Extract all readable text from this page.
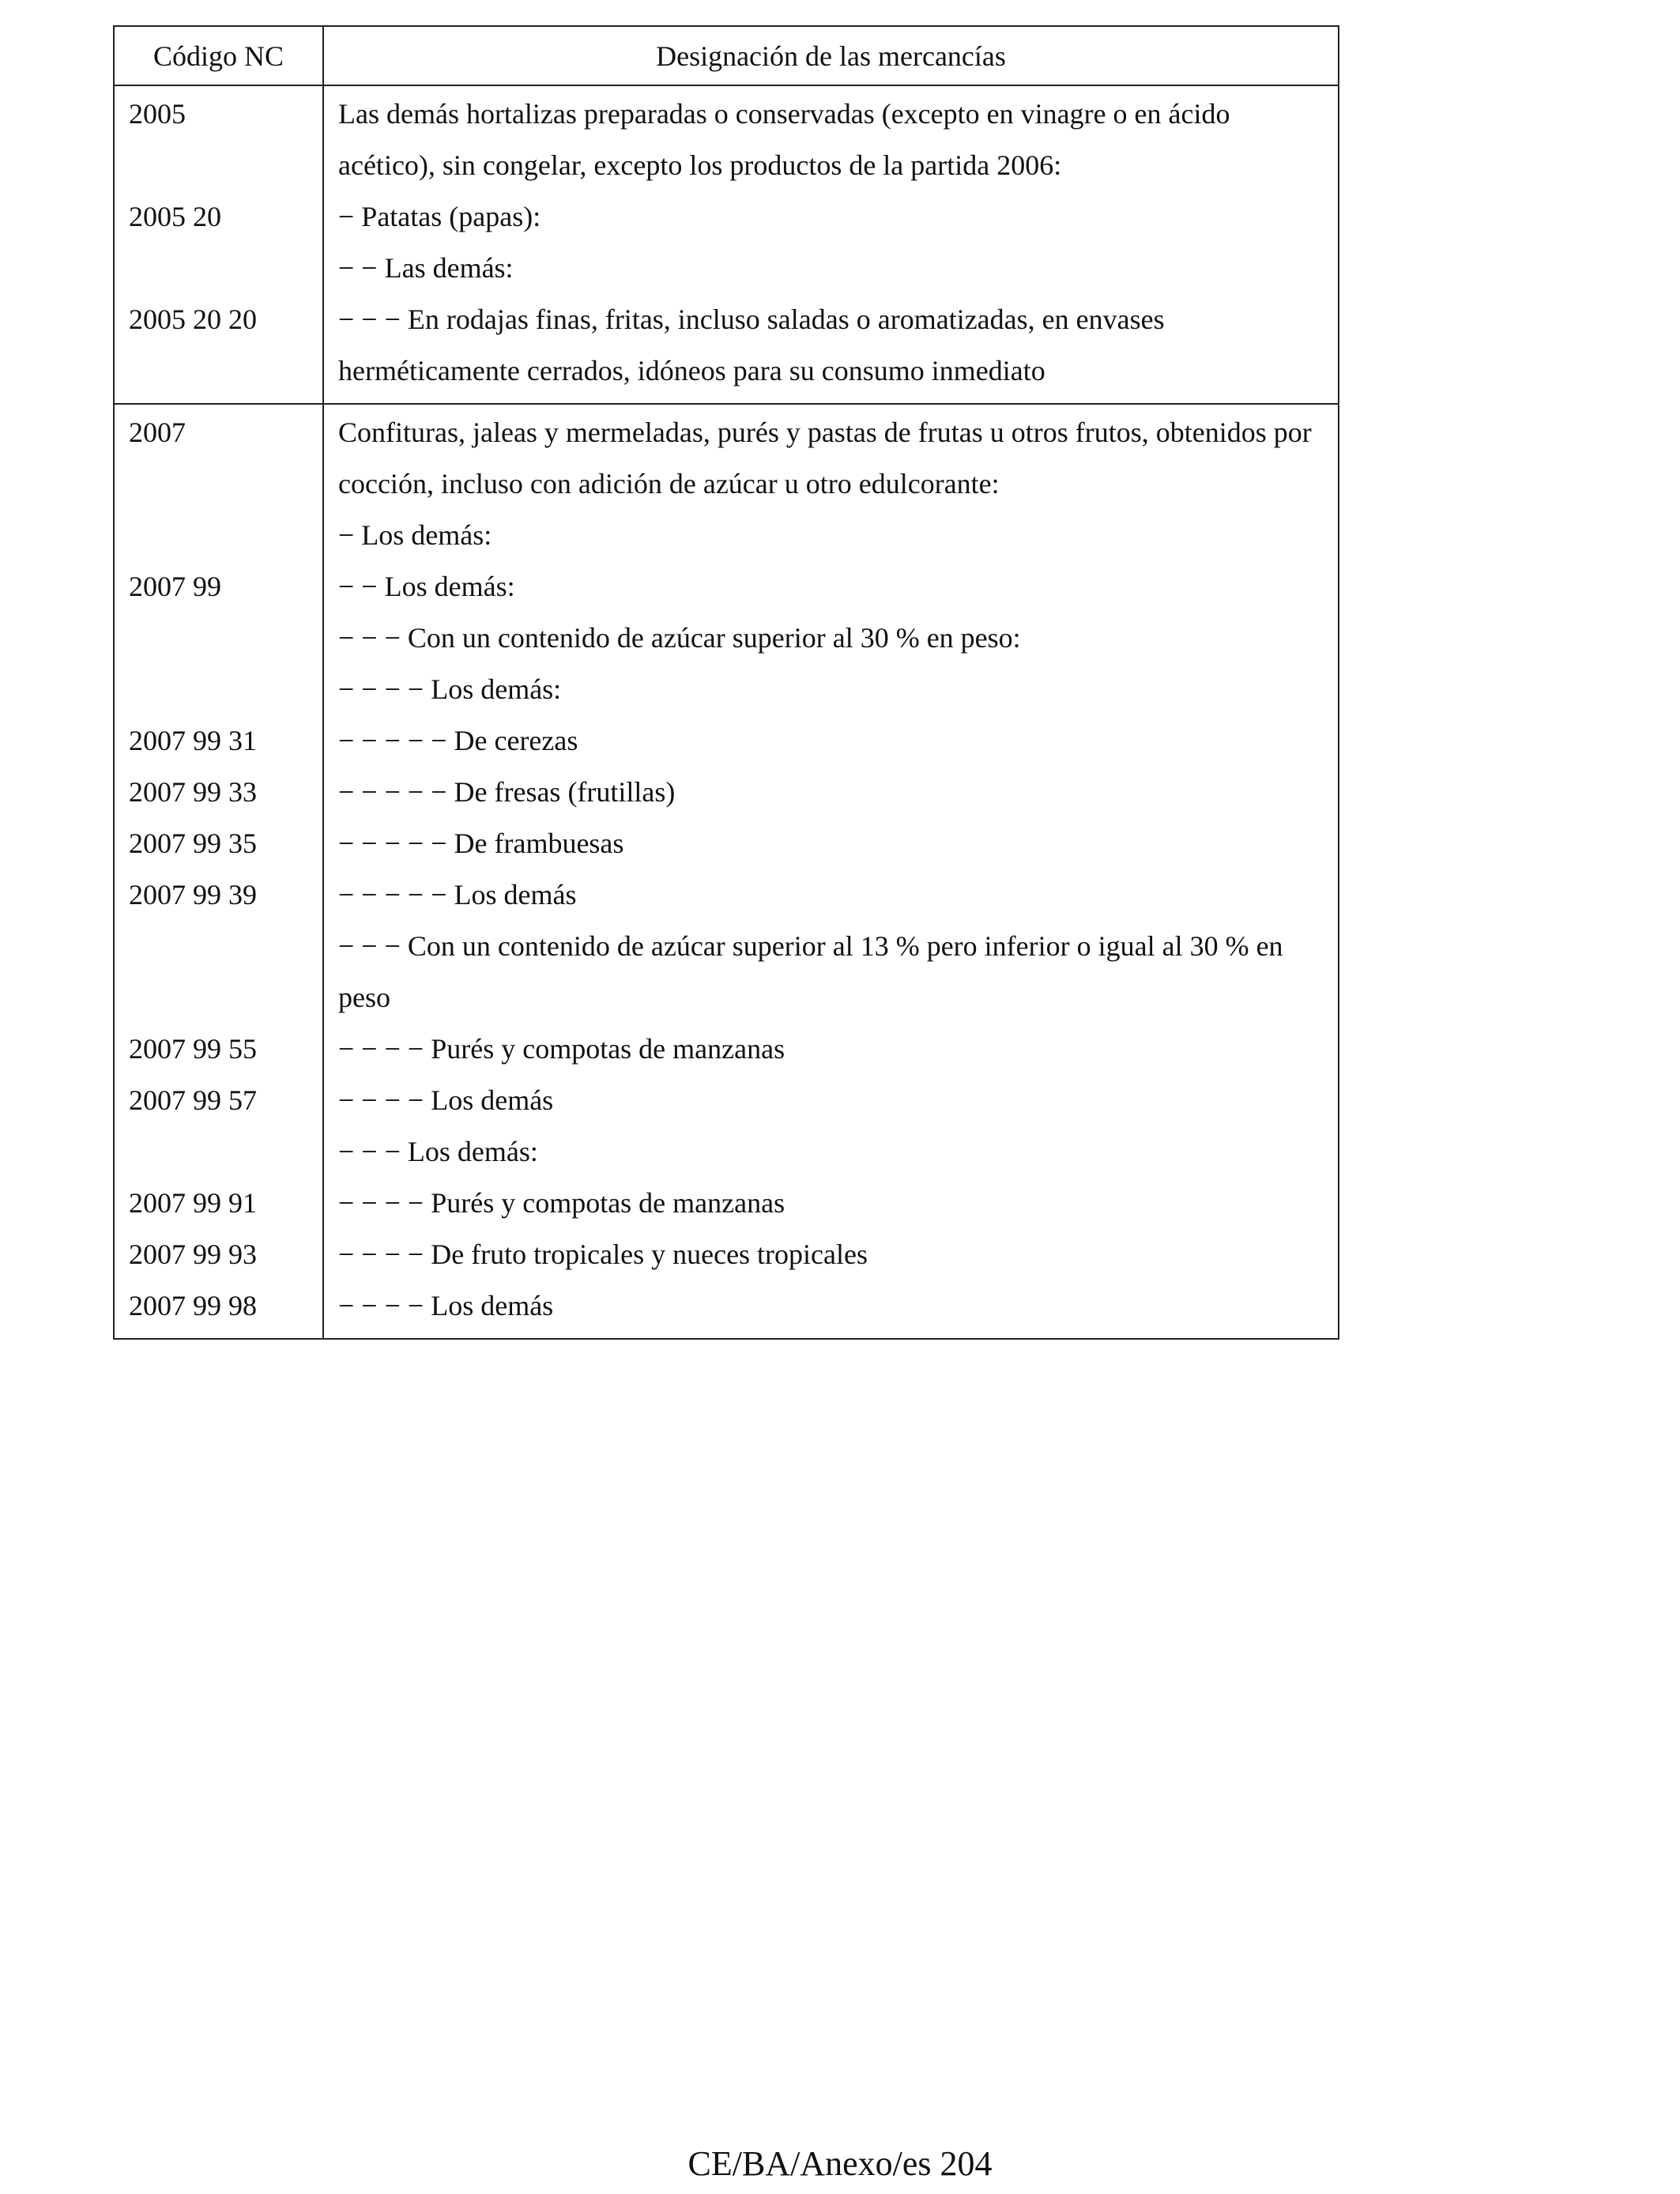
Código NC	Designación de las mercancías
2005	Las demás hortalizas preparadas o conservadas (excepto en vinagre o en ácido acético), sin congelar, excepto los productos de la partida 2006:
2005 20	− Patatas (papas):
	− − Las demás:
2005 20 20	− − − En rodajas finas, fritas, incluso saladas o aromatizadas, en envases herméticamente cerrados, idóneos para su consumo inmediato
2007	Confituras, jaleas y mermeladas, purés y pastas de frutas u otros frutos, obtenidos por cocción, incluso con adición de azúcar u otro edulcorante:
	− Los demás:
2007 99	− − Los demás:
	− − − Con un contenido de azúcar superior al 30 % en peso:
	− − − − Los demás:
2007 99 31	− − − − − De cerezas
2007 99 33	− − − − − De fresas (frutillas)
2007 99 35	− − − − − De frambuesas
2007 99 39	− − − − − Los demás
	− − − Con un contenido de azúcar superior al 13 % pero inferior o igual al 30 % en peso
2007 99 55	− − − − Purés y compotas de manzanas
2007 99 57	− − − − Los demás
	− − − Los demás:
2007 99 91	− − − − Purés y compotas de manzanas
2007 99 93	− − − − De fruto tropicales y nueces tropicales
2007 99 98	− − − − Los demás
CE/BA/Anexo/es 204
